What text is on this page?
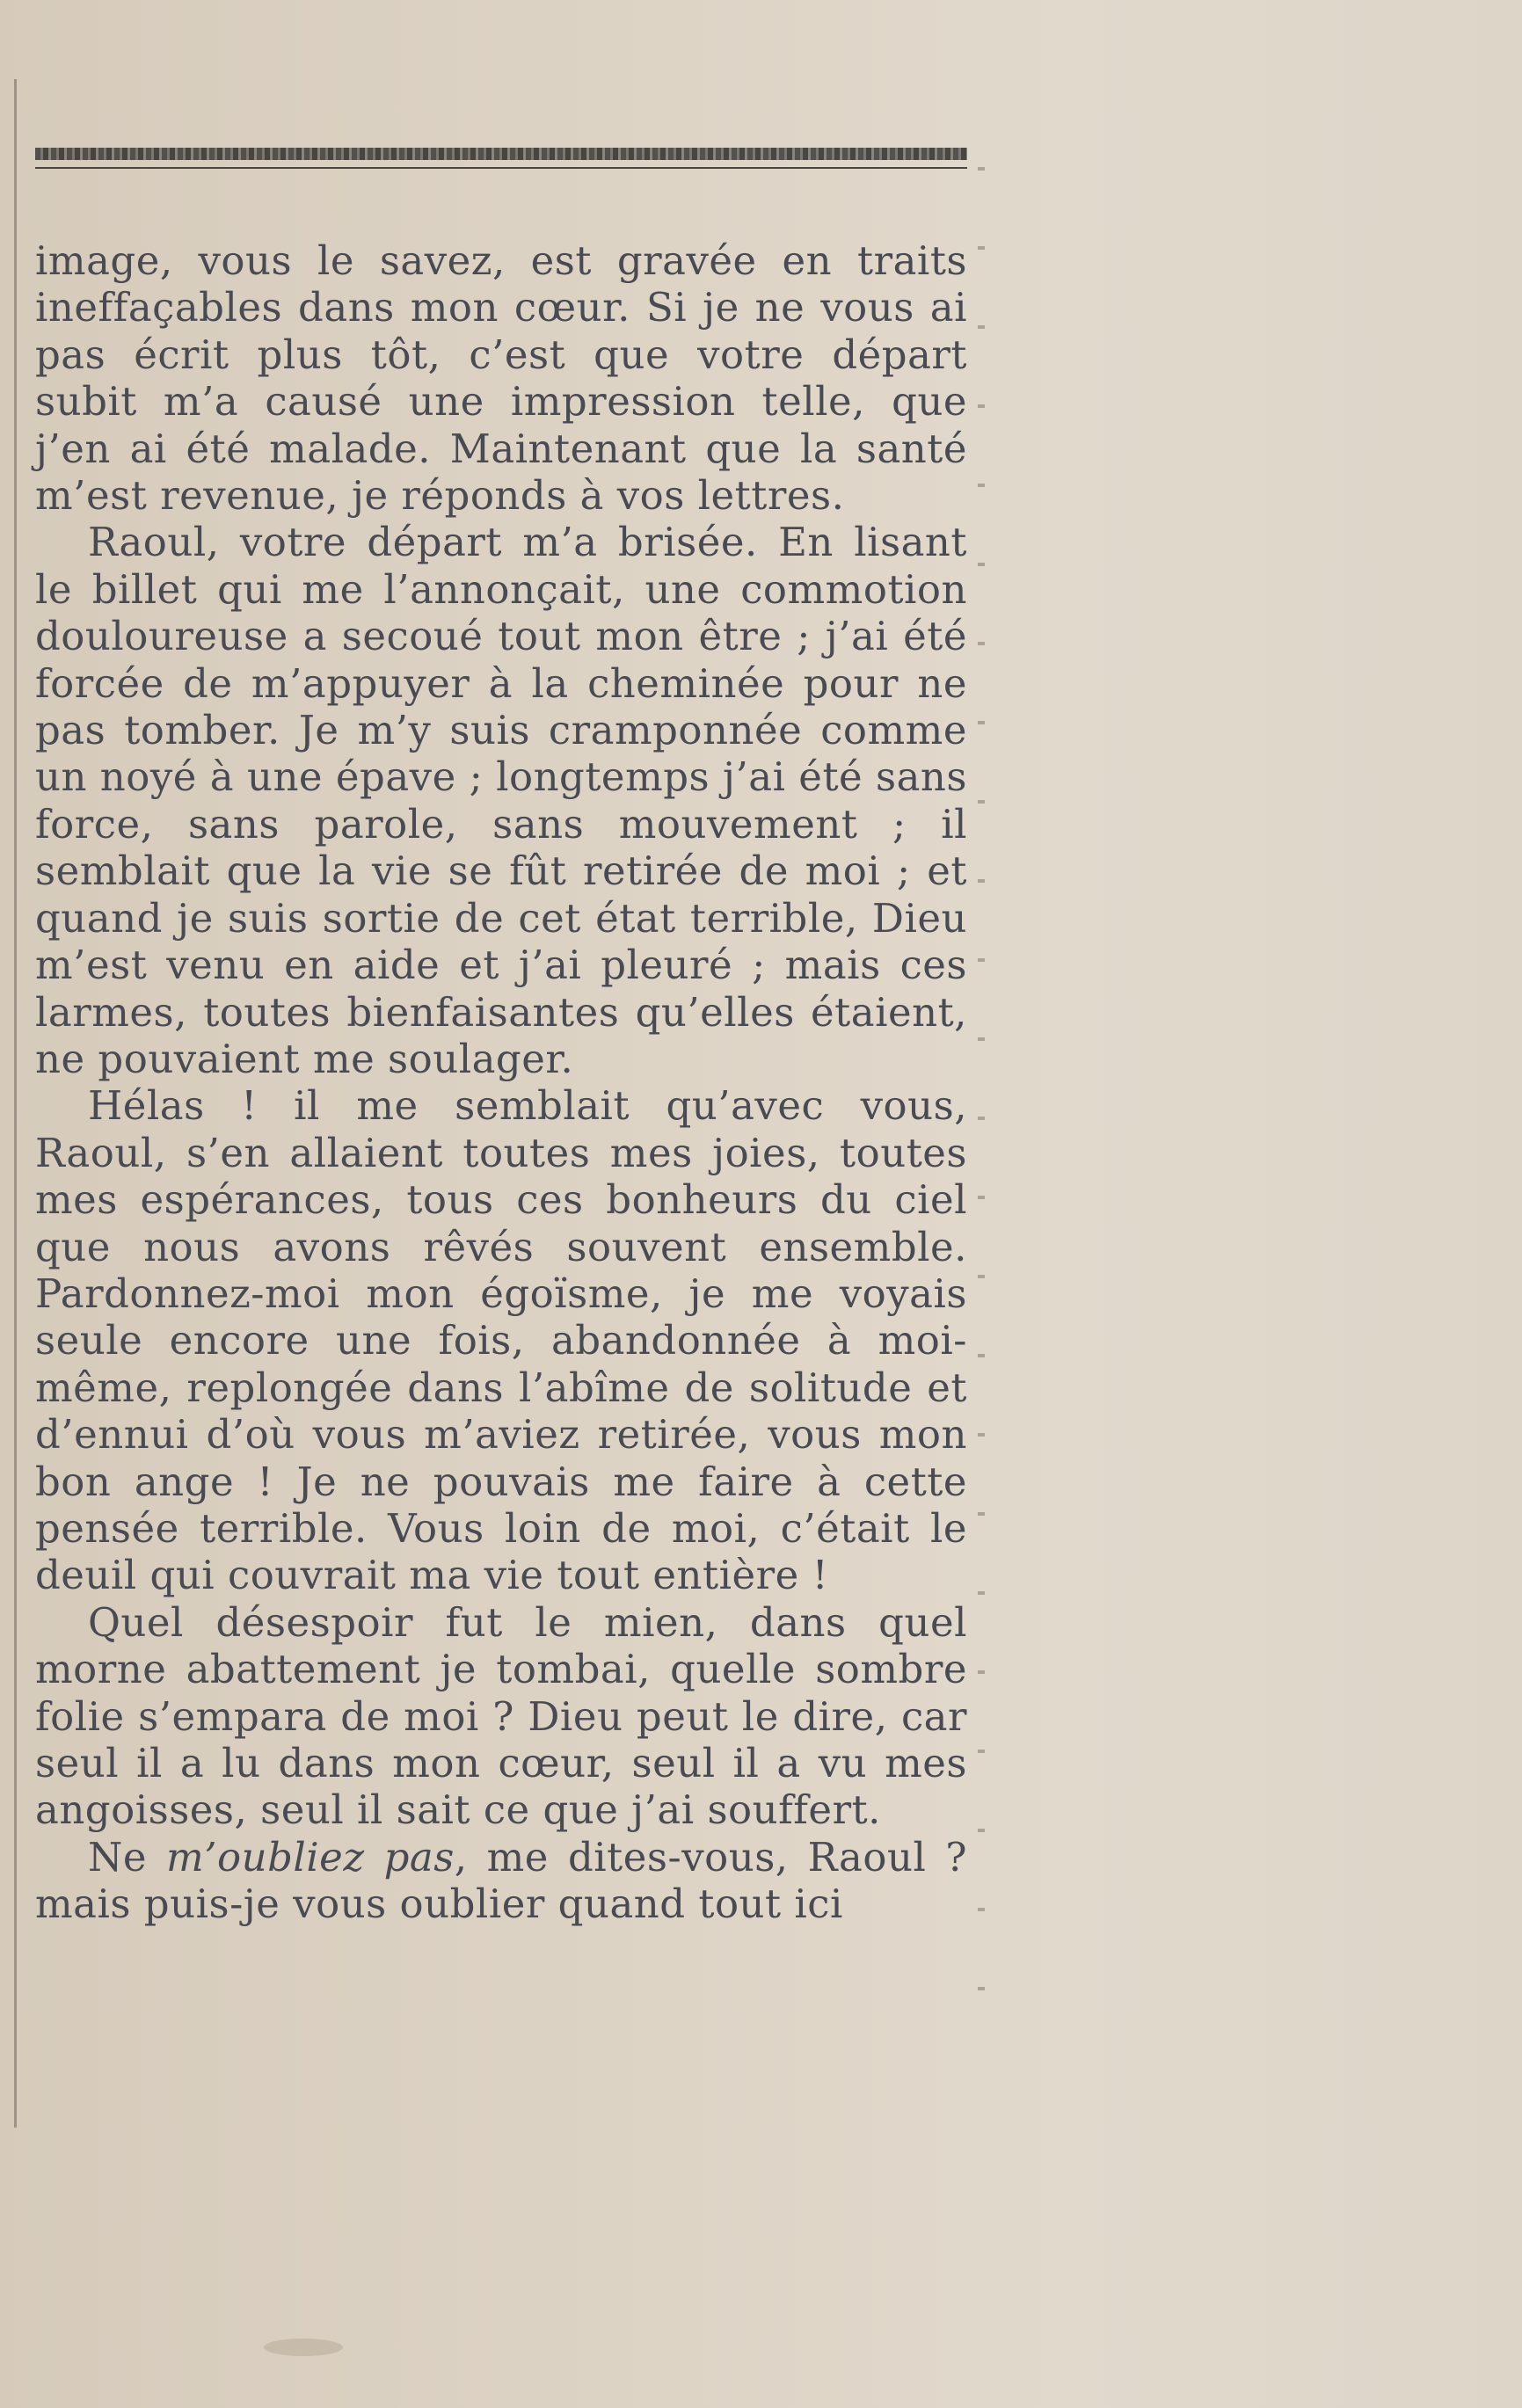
image, vous le savez, est gravée en traits ineffaçables dans mon cœur. Si je ne vous ai pas écrit plus tôt, c’est que votre départ subit m’a causé une impression telle, que j’en ai été malade. Maintenant que la santé m’est revenue, je réponds à vos lettres.

Raoul, votre départ m’a brisée. En lisant le billet qui me l’annonçait, une commotion douloureuse a secoué tout mon être ; j’ai été forcée de m’appuyer à la cheminée pour ne pas tomber. Je m’y suis cramponnée comme un noyé à une épave ; longtemps j’ai été sans force, sans parole, sans mouvement ; il semblait que la vie se fût retirée de moi ; et quand je suis sortie de cet état terrible, Dieu m’est venu en aide et j’ai pleuré ; mais ces larmes, toutes bienfaisantes qu’elles étaient, ne pouvaient me soulager.

Hélas ! il me semblait qu’avec vous, Raoul, s’en allaient toutes mes joies, toutes mes espérances, tous ces bonheurs du ciel que nous avons rêvés souvent ensemble. Pardonnez-moi mon égoïsme, je me voyais seule encore une fois, abandonnée à moi-même, replongée dans l’abîme de solitude et d’ennui d’où vous m’aviez retirée, vous mon bon ange ! Je ne pouvais me faire à cette pensée terrible. Vous loin de moi, c’était le deuil qui couvrait ma vie tout entière !

Quel désespoir fut le mien, dans quel morne abattement je tombai, quelle sombre folie s’empara de moi ? Dieu peut le dire, car seul il a lu dans mon cœur, seul il a vu mes angoisses, seul il sait ce que j’ai souffert.

Ne m’oubliez pas, me dites-vous, Raoul ? mais puis-je vous oublier quand tout ici
